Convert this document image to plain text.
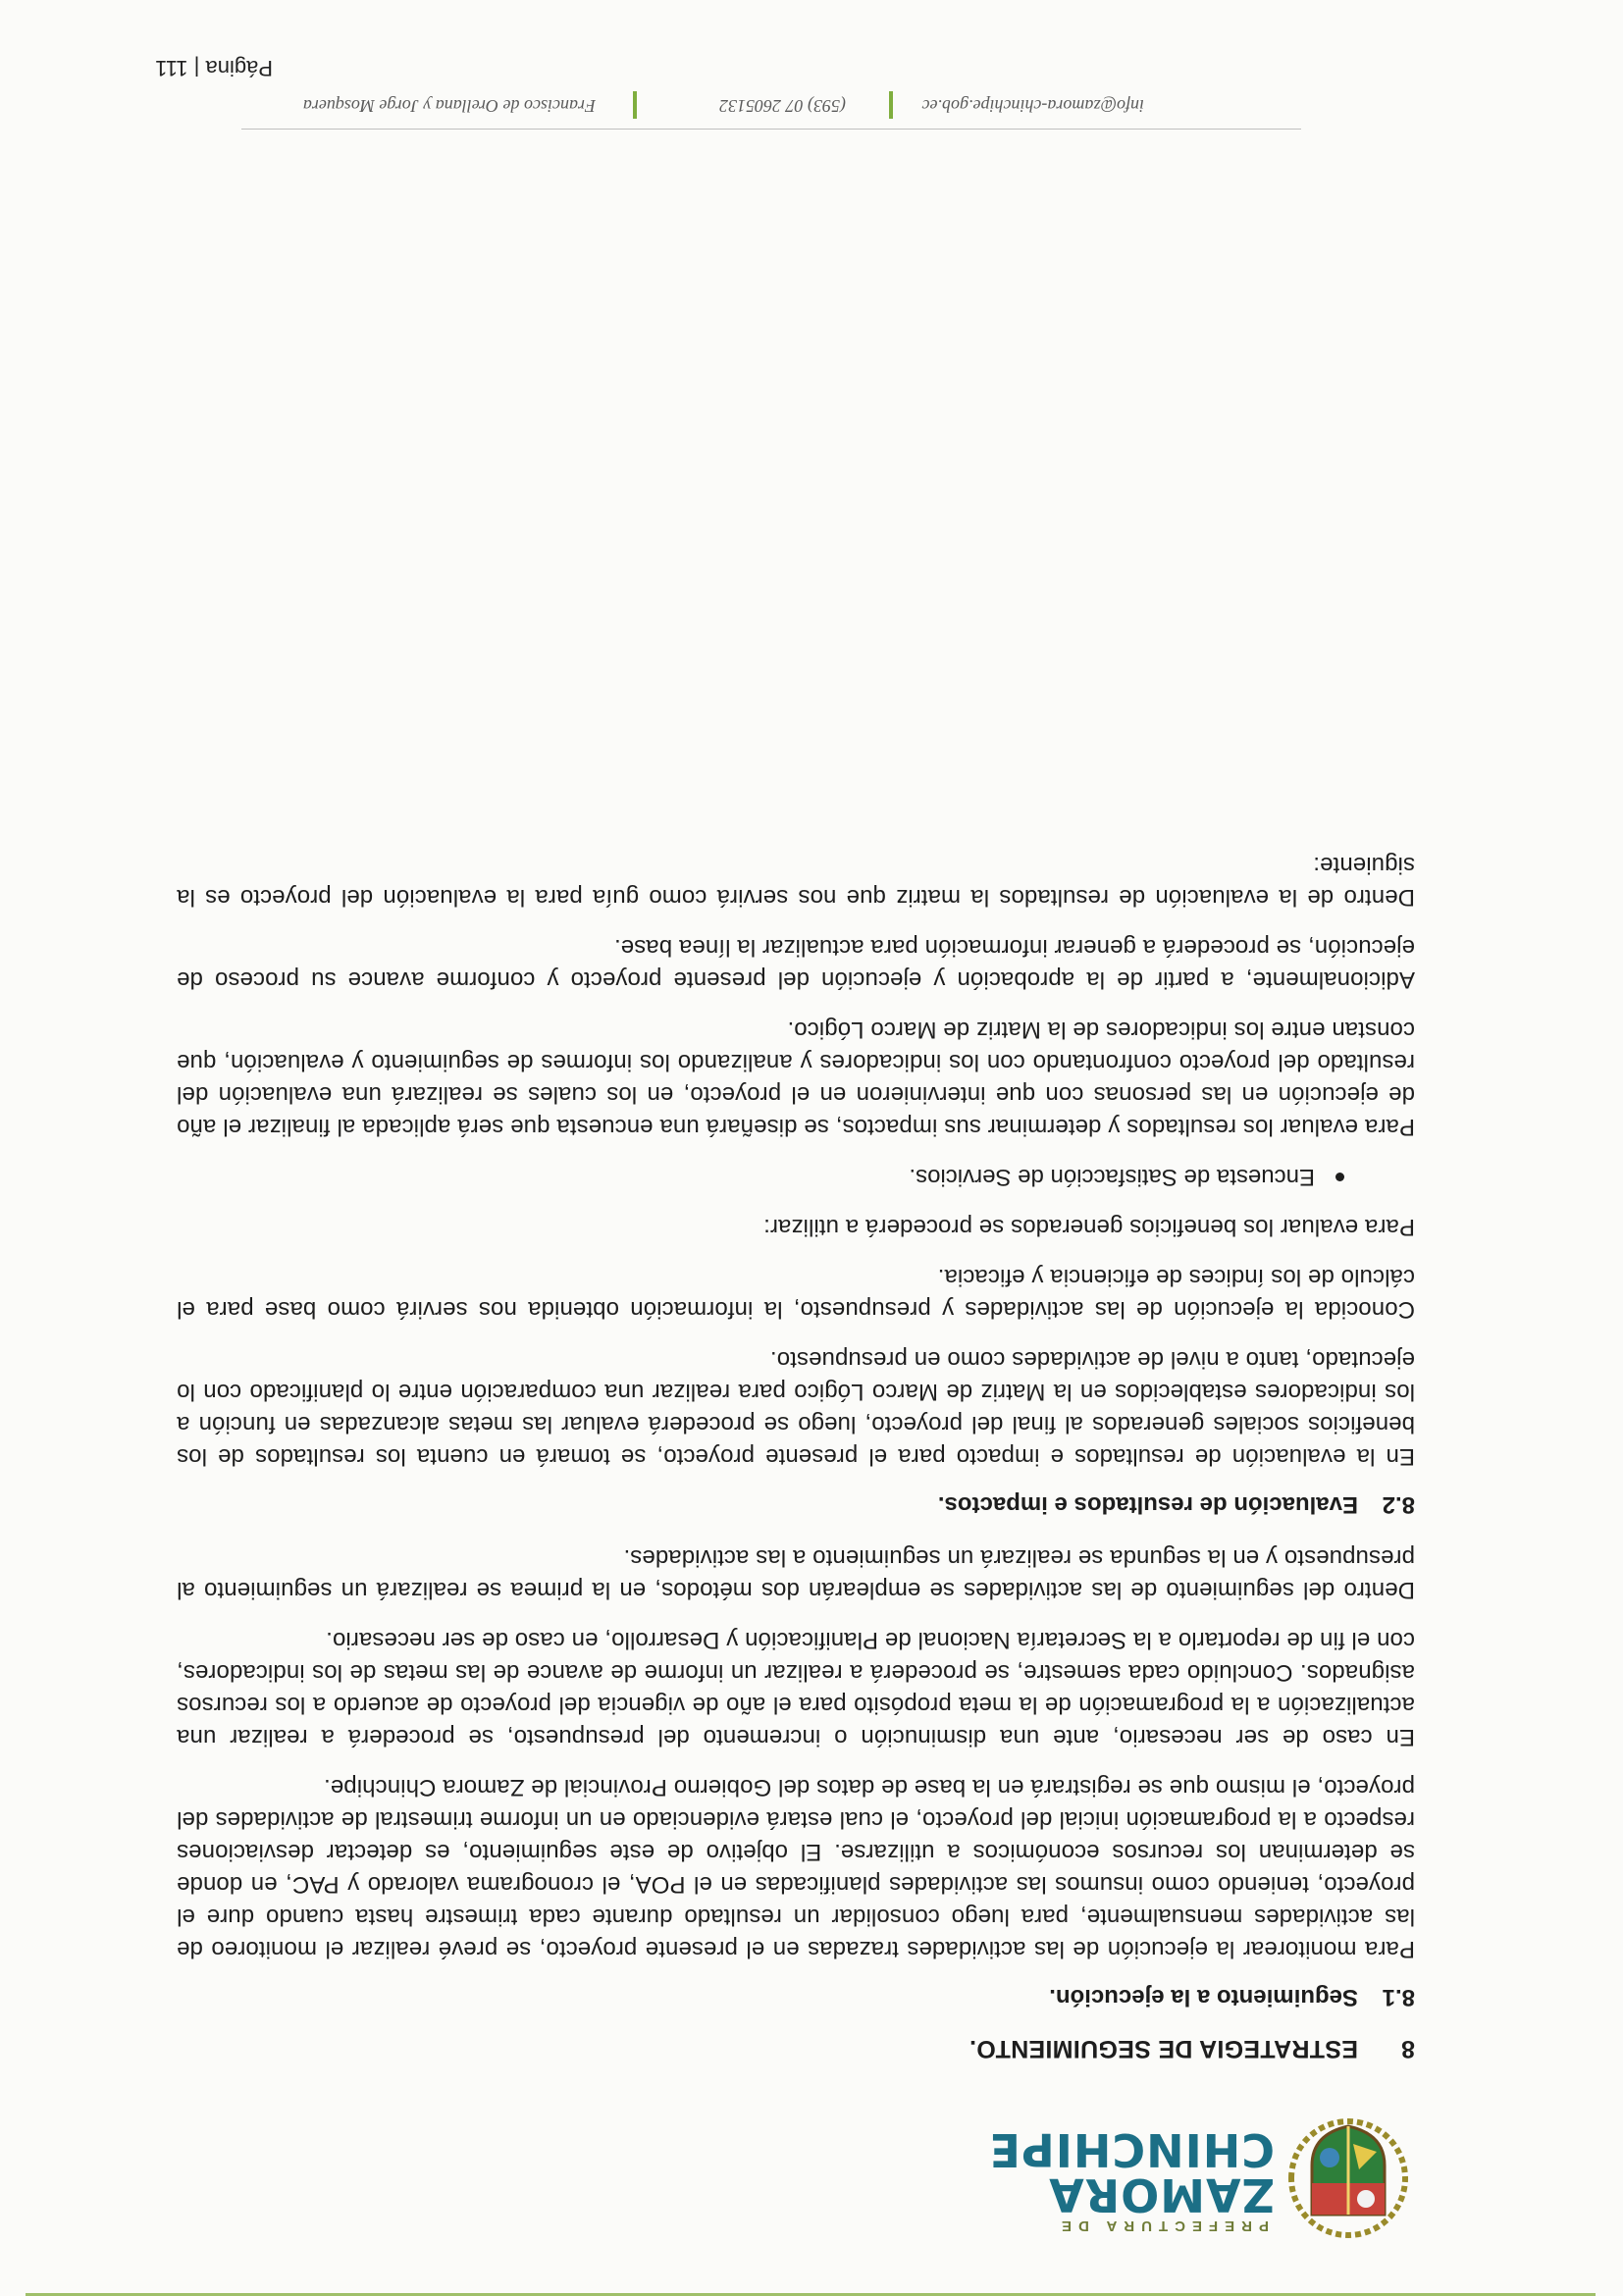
PREFECTURA DE
ZAMORA
CHINCHIPE
8ESTRATEGIA DE SEGUIMIENTO.
8.1Seguimiento a la ejecución.

Para monitorear la ejecución de las actividades trazadas en el presente proyecto, se prevé realizar el monitoreo de las actividades mensualmente, para luego consolidar un resultado durante cada trimestre hasta cuando dure el proyecto, teniendo como insumos las actividades planificadas en el POA, el cronograma valorado y PAC, en donde se determinan los recursos económicos a utilizarse. El objetivo de este seguimiento, es detectar desviaciones respecto a la programación inicial del proyecto, el cual estará evidenciado en un informe trimestral de actividades del proyecto, el mismo que se registrará en la base de datos del Gobierno Provincial de Zamora Chinchipe.

En caso de ser necesario, ante una disminución o incremento del presupuesto, se procederá a realizar una actualización a la programación de la meta propósito para el año de vigencia del proyecto de acuerdo a los recursos asignados. Concluido cada semestre, se procederá a realizar un informe de avance de las metas de los indicadores, con el fin de reportarlo a la Secretaría Nacional de Planificación y Desarrollo, en caso de ser necesario.

Dentro del seguimiento de las actividades se emplearán dos métodos, en la primea se realizará un seguimiento al presupuesto y en la segunda se realizará un seguimiento a las actividades.

8.2Evaluación de resultados e impactos.

En la evaluación de resultados e impacto para el presente proyecto, se tomará en cuenta los resultados de los beneficios sociales generados al final del proyecto, luego se procederá evaluar las metas alcanzadas en función a los indicadores establecidos en la Matriz de Marco Lógico para realizar una comparación entre lo planificado con lo ejecutado, tanto a nivel de actividades como en presupuesto.

Conocida la ejecución de las actividades y presupuesto, la información obtenida nos servirá como base para el cálculo de los índices de eficiencia y eficacia.

Para evaluar los beneficios generados se procederá a utilizar:

Encuesta de Satisfacción de Servicios.

Para evaluar los resultados y determinar sus impactos, se diseñará una encuesta que será aplicada al finalizar el año de ejecución en las personas con que intervinieron en el proyecto, en los cuales se realizará una evaluación del resultado del proyecto confrontando con los indicadores y analizando los informes de seguimiento y evaluación, que constan entre los indicadores de la Matriz de Marco Lógico.

Adicionalmente, a partir de la aprobación y ejecución del presente proyecto y conforme avance su proceso de ejecución, se procederá a generar información para actualizar la línea base.

Dentro de la evaluación de resultados la matriz que nos servirá como guía para la evaluación del proyecto es la siguiente:

Francisco de Orellana y Jorge Mosquera	(593) 07 2605132	info@zamora-chinchipe.gob.ec
Página | 111
